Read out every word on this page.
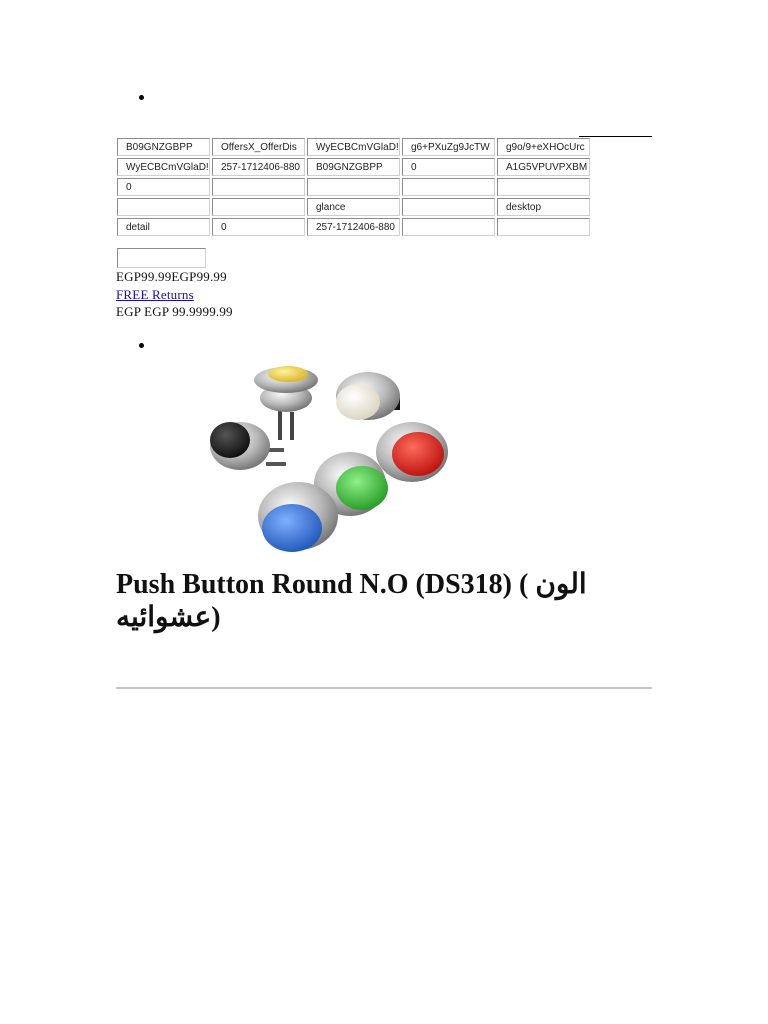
B09GNZGBPP	OffersX_OfferDis	WyECBCmVGlaD!	g6+PXuZg9JcTW	g9o/9+eXHOcUrc
WyECBCmVGlaD!	257-1712406-880	B09GNZGBPP	0	A1G5VPUVPXBM
0				
		glance		desktop
detail	0	257-1712406-880		
EGP99.99EGP99.99
FREE Returns
EGP EGP 99.9999.99
Push Button Round N.O (DS318) ( الون عشوائيه)
